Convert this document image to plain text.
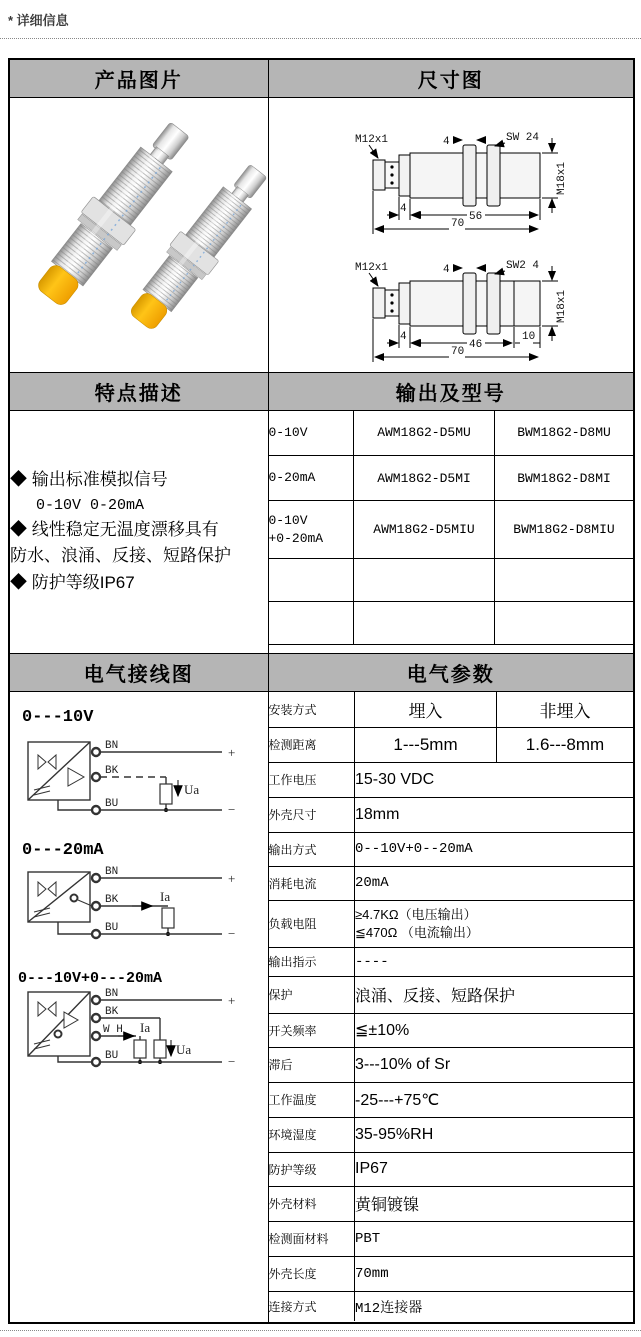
* 详细信息
产品图片	尺寸图

M12x1	4	SW 24
M18x1
4
56
70
M12x1	4	SW2 4
M18x1
4
46
10
70

特点描述	输出及型号

◆ 输出标准模拟信号
0-10V 0-20mA
◆ 线性稳定无温度漂移具有
防水、浪涌、反接、短路保护
◆ 防护等级IP67

0-10V	AWM18G2-D5MU	BWM18G2-D8MU

0-20mA	AWM18G2-D5MI	BWM18G2-D8MI

0-10V
+0-20mA
	AWM18G2-D5MIU	BWM18G2-D8MIU

电气接线图	电气参数

0---10V
BN
BK
BU
+
−
Ua
0---20mA
BN
BK
BU
+
−
Ia
0---10V+0---20mA
BN
BK
W H
BU
+
−
Ia
Ua

安装方式	埋入	非埋入
检测距离	1---5mm	1.6---8mm
工作电压	15-30 VDC
外壳尺寸	18mm
输出方式	0--10V+0--20mA
消耗电流	20mA
负载电阻	
≥4.7KΩ（电压输出）
≦470Ω （电流输出）

输出指示	----
保护	浪涌、反接、短路保护
开关频率	≦±10%
滞后	3---10% of Sr
工作温度	-25---+75℃
环境湿度	35-95%RH
防护等级	IP67
外壳材料	黄铜镀镍
检测面材料	PBT
外壳长度	70mm
连接方式	M12连接器
